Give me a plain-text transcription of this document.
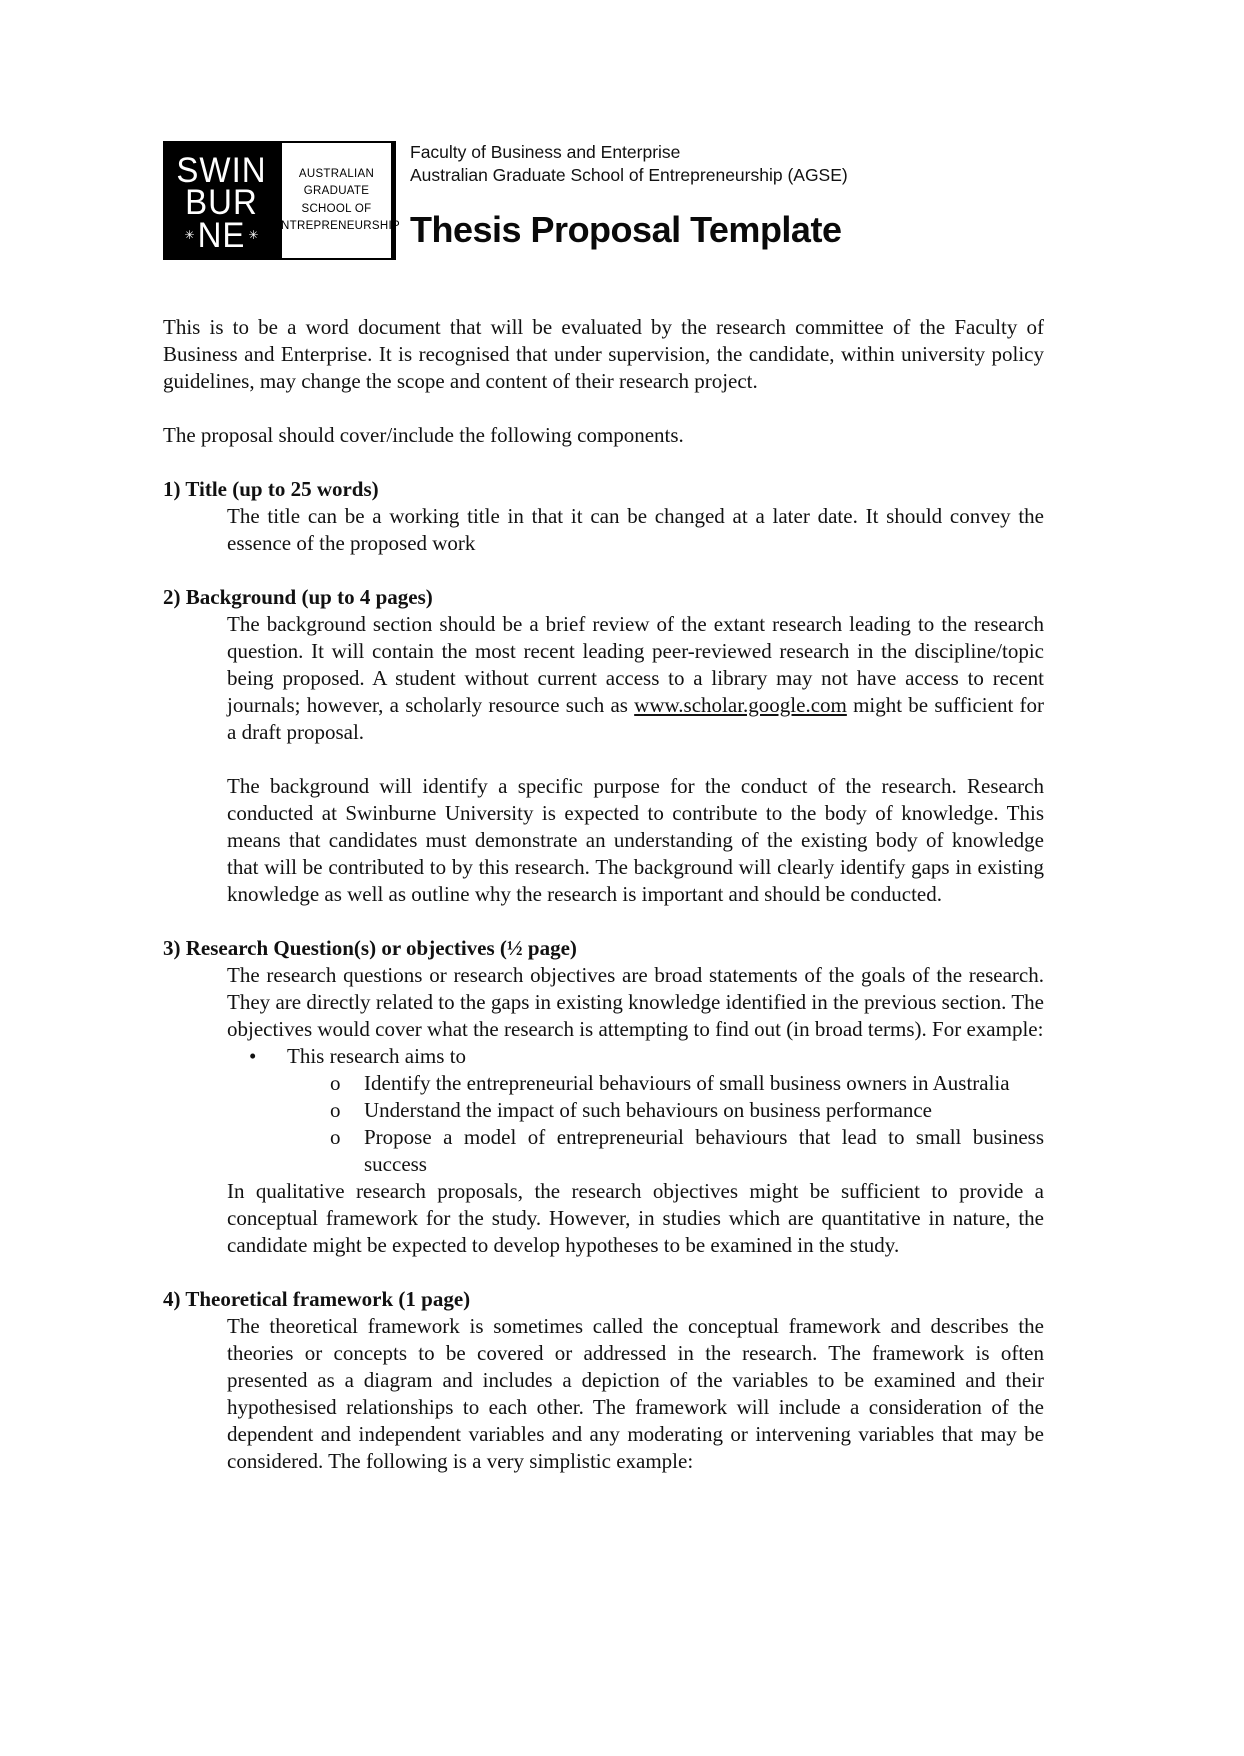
SWIN
BUR
✳ NE ✳
AUSTRALIAN
GRADUATE
SCHOOL OF
ENTREPRENEURSHIP
Faculty of Business and Enterprise
Australian Graduate School of Entrepreneurship (AGSE)
Thesis Proposal Template

This is to be a word document that will be evaluated by the research committee of the Faculty of Business and Enterprise. It is recognised that under supervision, the candidate, within university policy guidelines, may change the scope and content of their research project.

The proposal should cover/include the following components.

1) Title (up to 25 words)

The title can be a working title in that it can be changed at a later date. It should convey the essence of the proposed work

2) Background (up to 4 pages)

The background section should be a brief review of the extant research leading to the research question. It will contain the most recent leading peer-reviewed research in the discipline/topic being proposed. A student without current access to a library may not have access to recent journals; however, a scholarly resource such as www.scholar.google.com might be sufficient for a draft proposal.

The background will identify a specific purpose for the conduct of the research. Research conducted at Swinburne University is expected to contribute to the body of knowledge. This means that candidates must demonstrate an understanding of the existing body of knowledge that will be contributed to by this research. The background will clearly identify gaps in existing knowledge as well as outline why the research is important and should be conducted.

3) Research Question(s) or objectives (½ page)

The research questions or research objectives are broad statements of the goals of the research. They are directly related to the gaps in existing knowledge identified in the previous section. The objectives would cover what the research is attempting to find out (in broad terms). For example:

•	This research aims to
o	Identify the entrepreneurial behaviours of small business owners in Australia
o	Understand the impact of such behaviours on business performance
o	Propose a model of entrepreneurial behaviours that lead to small business success

In qualitative research proposals, the research objectives might be sufficient to provide a conceptual framework for the study. However, in studies which are quantitative in nature, the candidate might be expected to develop hypotheses to be examined in the study.

4) Theoretical framework (1 page)

The theoretical framework is sometimes called the conceptual framework and describes the theories or concepts to be covered or addressed in the research. The framework is often presented as a diagram and includes a depiction of the variables to be examined and their hypothesised relationships to each other. The framework will include a consideration of the dependent and independent variables and any moderating or intervening variables that may be considered. The following is a very simplistic example:
